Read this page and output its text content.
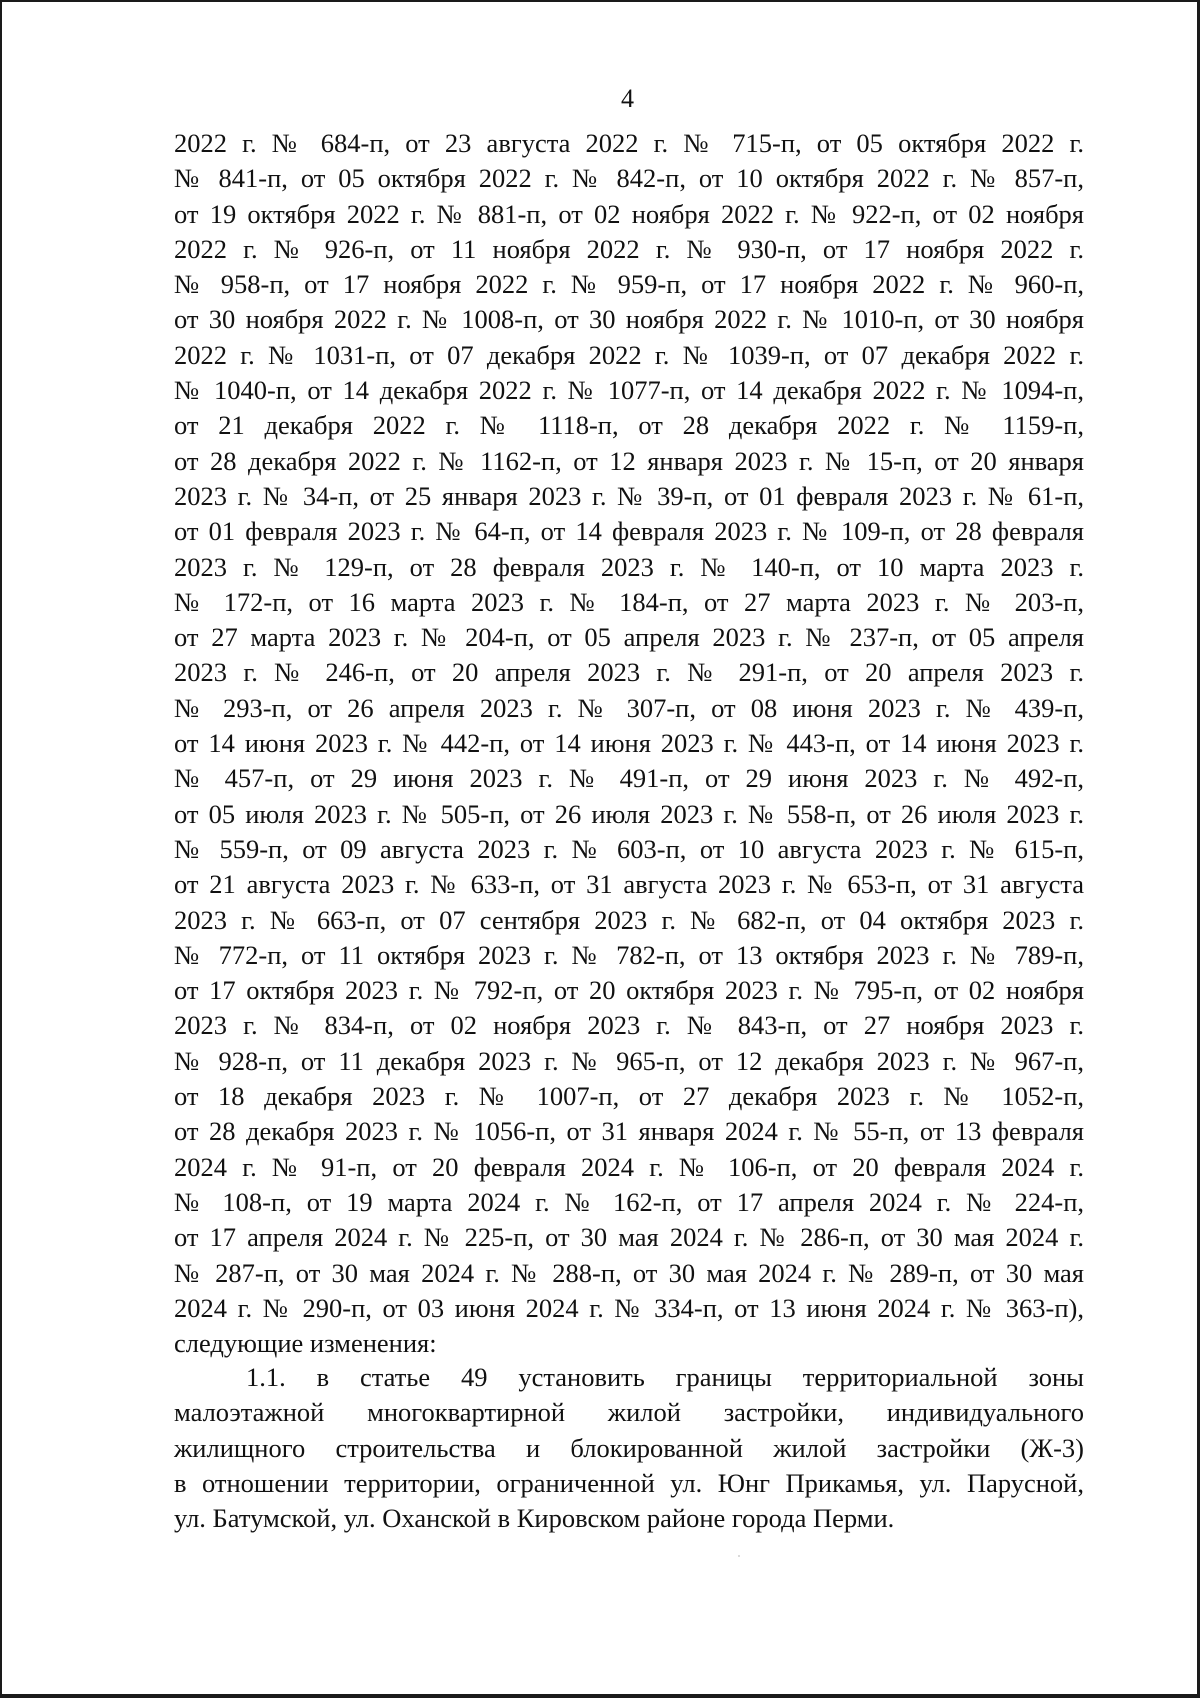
4
2022 г. № 684-п, от 23 августа 2022 г. № 715-п, от 05 октября 2022 г.
№ 841-п, от 05 октября 2022 г. № 842-п, от 10 октября 2022 г. № 857-п,
от 19 октября 2022 г. № 881-п, от 02 ноября 2022 г. № 922-п, от 02 ноября
2022 г. № 926-п, от 11 ноября 2022 г. № 930-п, от 17 ноября 2022 г.
№ 958-п, от 17 ноября 2022 г. № 959-п, от 17 ноября 2022 г. № 960-п,
от 30 ноября 2022 г. № 1008-п, от 30 ноября 2022 г. № 1010-п, от 30 ноября
2022 г. № 1031-п, от 07 декабря 2022 г. № 1039-п, от 07 декабря 2022 г.
№ 1040-п, от 14 декабря 2022 г. № 1077-п, от 14 декабря 2022 г. № 1094-п,
от 21 декабря 2022 г. № 1118-п, от 28 декабря 2022 г. № 1159-п,
от 28 декабря 2022 г. № 1162-п, от 12 января 2023 г. № 15-п, от 20 января
2023 г. № 34-п, от 25 января 2023 г. № 39-п, от 01 февраля 2023 г. № 61-п,
от 01 февраля 2023 г. № 64-п, от 14 февраля 2023 г. № 109-п, от 28 февраля
2023 г. № 129-п, от 28 февраля 2023 г. № 140-п, от 10 марта 2023 г.
№ 172-п, от 16 марта 2023 г. № 184-п, от 27 марта 2023 г. № 203-п,
от 27 марта 2023 г. № 204-п, от 05 апреля 2023 г. № 237-п, от 05 апреля
2023 г. № 246-п, от 20 апреля 2023 г. № 291-п, от 20 апреля 2023 г.
№ 293-п, от 26 апреля 2023 г. № 307-п, от 08 июня 2023 г. № 439-п,
от 14 июня 2023 г. № 442-п, от 14 июня 2023 г. № 443-п, от 14 июня 2023 г.
№ 457-п, от 29 июня 2023 г. № 491-п, от 29 июня 2023 г. № 492-п,
от 05 июля 2023 г. № 505-п, от 26 июля 2023 г. № 558-п, от 26 июля 2023 г.
№ 559-п, от 09 августа 2023 г. № 603-п, от 10 августа 2023 г. № 615-п,
от 21 августа 2023 г. № 633-п, от 31 августа 2023 г. № 653-п, от 31 августа
2023 г. № 663-п, от 07 сентября 2023 г. № 682-п, от 04 октября 2023 г.
№ 772-п, от 11 октября 2023 г. № 782-п, от 13 октября 2023 г. № 789-п,
от 17 октября 2023 г. № 792-п, от 20 октября 2023 г. № 795-п, от 02 ноября
2023 г. № 834-п, от 02 ноября 2023 г. № 843-п, от 27 ноября 2023 г.
№ 928-п, от 11 декабря 2023 г. № 965-п, от 12 декабря 2023 г. № 967-п,
от 18 декабря 2023 г. № 1007-п, от 27 декабря 2023 г. № 1052-п,
от 28 декабря 2023 г. № 1056-п, от 31 января 2024 г. № 55-п, от 13 февраля
2024 г. № 91-п, от 20 февраля 2024 г. № 106-п, от 20 февраля 2024 г.
№ 108-п, от 19 марта 2024 г. № 162-п, от 17 апреля 2024 г. № 224-п,
от 17 апреля 2024 г. № 225-п, от 30 мая 2024 г. № 286-п, от 30 мая 2024 г.
№ 287-п, от 30 мая 2024 г. № 288-п, от 30 мая 2024 г. № 289-п, от 30 мая
2024 г. № 290-п, от 03 июня 2024 г. № 334-п, от 13 июня 2024 г. № 363-п),
следующие изменения:
1.1. в статье 49 установить границы территориальной зоны
малоэтажной многоквартирной жилой застройки, индивидуального
жилищного строительства и блокированной жилой застройки (Ж-3)
в отношении территории, ограниченной ул. Юнг Прикамья, ул. Парусной,
ул. Батумской, ул. Оханской в Кировском районе города Перми.
